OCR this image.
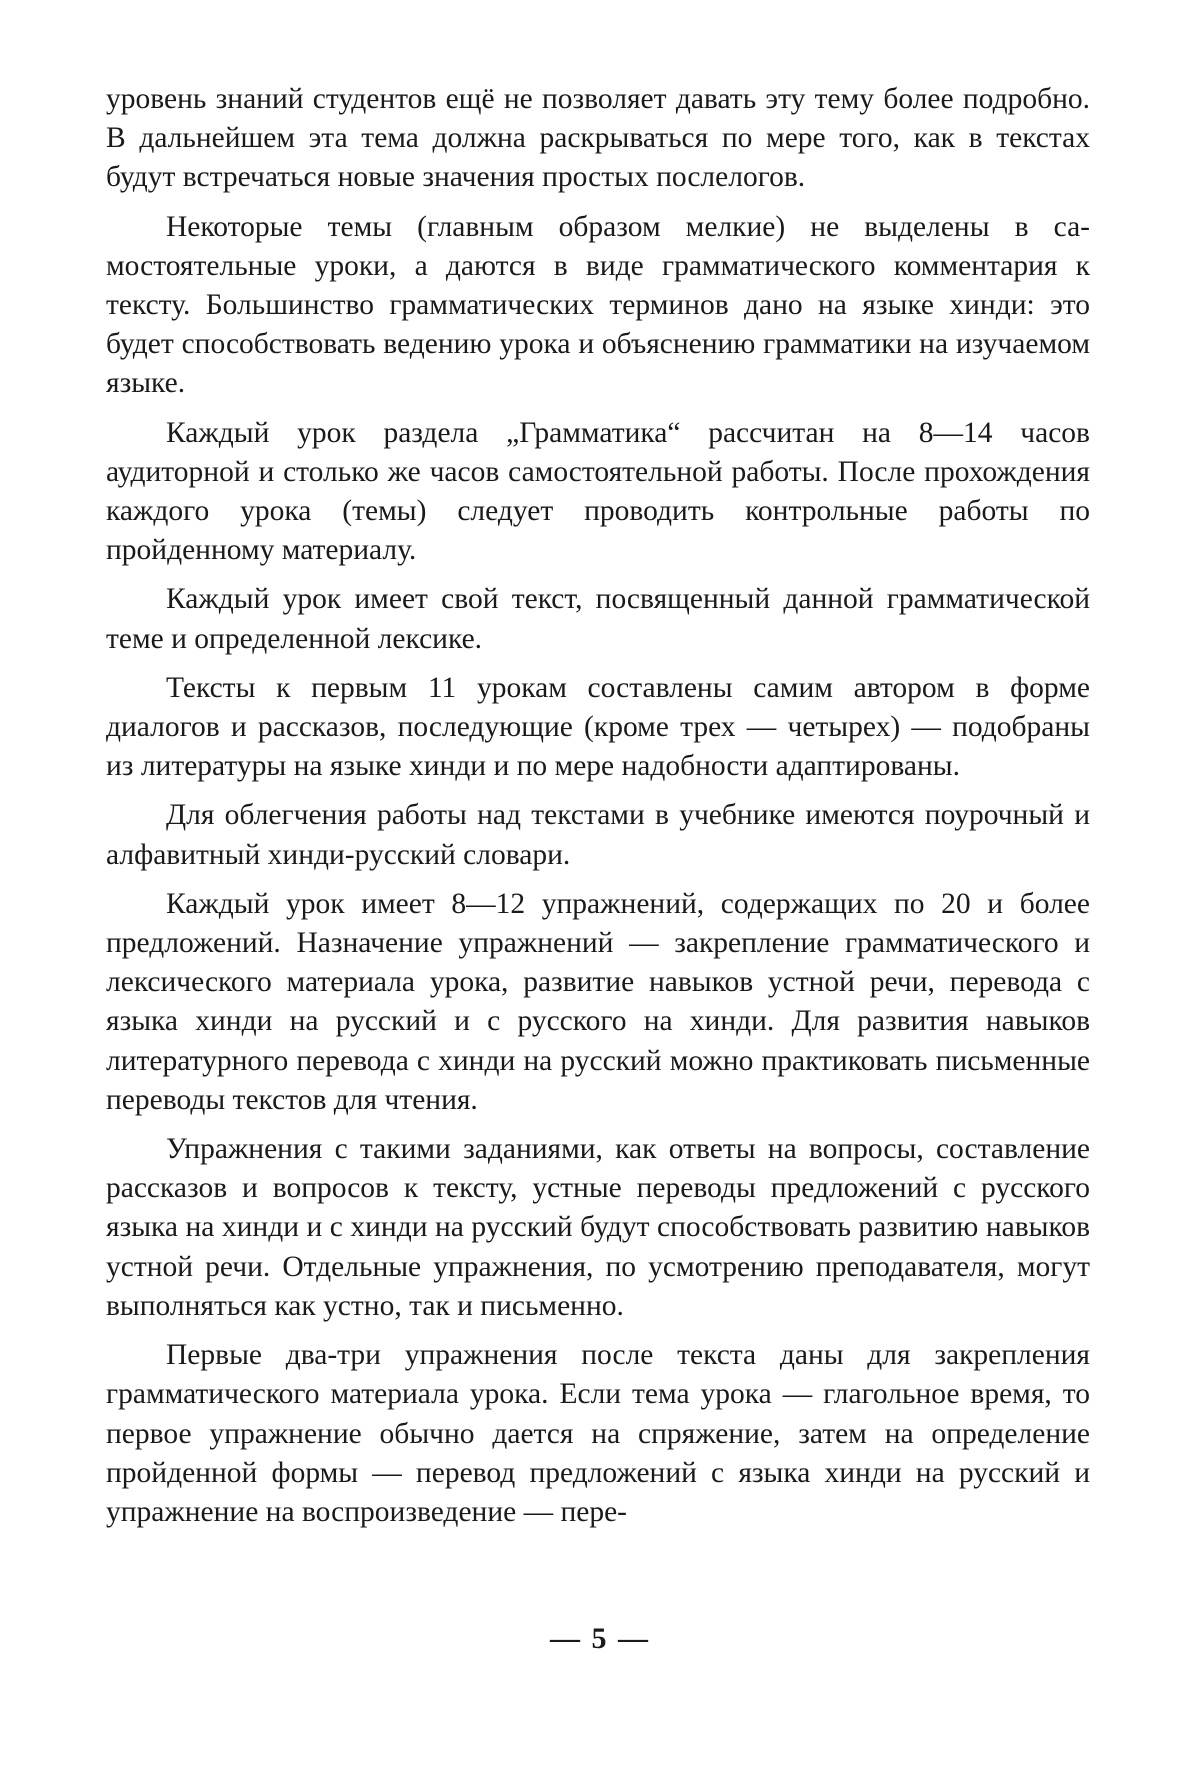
уровень знаний студентов ещё не позволяет давать эту тему более подробно. В дальнейшем эта тема должна раскрываться по мере того, как в текстах будут встречаться новые значения простых послелогов.

Некоторые темы (главным образом мелкие) не выделены в самостоятельные уроки, а даются в виде грамматического комментария к тексту. Большинство грамматических терминов дано на языке хинди: это будет способствовать ведению урока и объяснению грамматики на изучаемом языке.

Каждый урок раздела „Грамматика“ рассчитан на 8—14 часов аудиторной и столько же часов самостоятельной работы. После прохождения каждого урока (темы) следует проводить контрольные работы по пройденному материалу.

Каждый урок имеет свой текст, посвященный данной грамматической теме и определенной лексике.

Тексты к первым 11 урокам составлены самим автором в форме диалогов и рассказов, последующие (кроме трех — четырех) — подобраны из литературы на языке хинди и по мере надобности адаптированы.

Для облегчения работы над текстами в учебнике имеются поурочный и алфавитный хинди-русский словари.

Каждый урок имеет 8—12 упражнений, содержащих по 20 и более предложений. Назначение упражнений — закрепление грамматического и лексического материала урока, развитие навыков устной речи, перевода с языка хинди на русский и с русского на хинди. Для развития навыков литературного перевода с хинди на русский можно практиковать письменные переводы текстов для чтения.

Упражнения с такими заданиями, как ответы на вопросы, составление рассказов и вопросов к тексту, устные переводы предложений с русского языка на хинди и с хинди на русский будут способствовать развитию навыков устной речи. Отдельные упражнения, по усмотрению преподавателя, могут выполняться как устно, так и письменно.

Первые два-три упражнения после текста даны для закрепления грамматического материала урока. Если тема урока — глагольное время, то первое упражнение обычно дается на спряжение, затем на определение пройденной формы — перевод предложений с языка хинди на русский и упражнение на воспроизведение — пере-

— 5 —
